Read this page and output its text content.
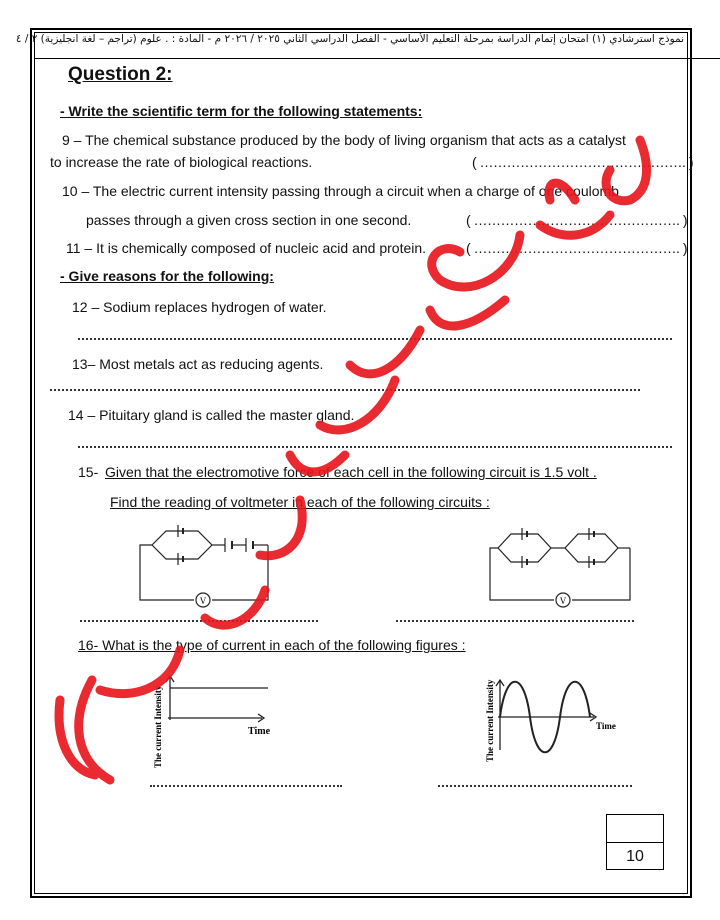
نموذج استرشادي (١) امتحان إتمام الدراسة بمرحلة التعليم الأساسي - الفصل الدراسي الثاني ٢٠٢٥ / ٢٠٢٦ م - المادة : . علوم (تراجم – لغة انجليزية) ٢ / ٤
Question 2:
- Write the scientific term for the following statements:
9 – The chemical substance produced by the body of living organism that acts as a catalyst
to increase the rate of biological reactions.	( ………………………………………. )
10 – The electric current intensity passing through a circuit when a charge of one coulomb
passes through a given cross section in one second.	( ………………………………………. )
11 – It is chemically composed of nucleic acid and protein.	( ………………………………………. )
- Give reasons for the following:
12 – Sodium replaces hydrogen of water.
13– Most metals act as reducing agents.
14 – Pituitary gland is called the master gland.
15- Given that the electromotive force of each cell in the following circuit is 1.5 volt .
Find the reading of voltmeter in each of the following circuits :
V	V
The current Intensity	Time	The current Intensity	Time
16- What is the type of current in each of the following figures :
10
